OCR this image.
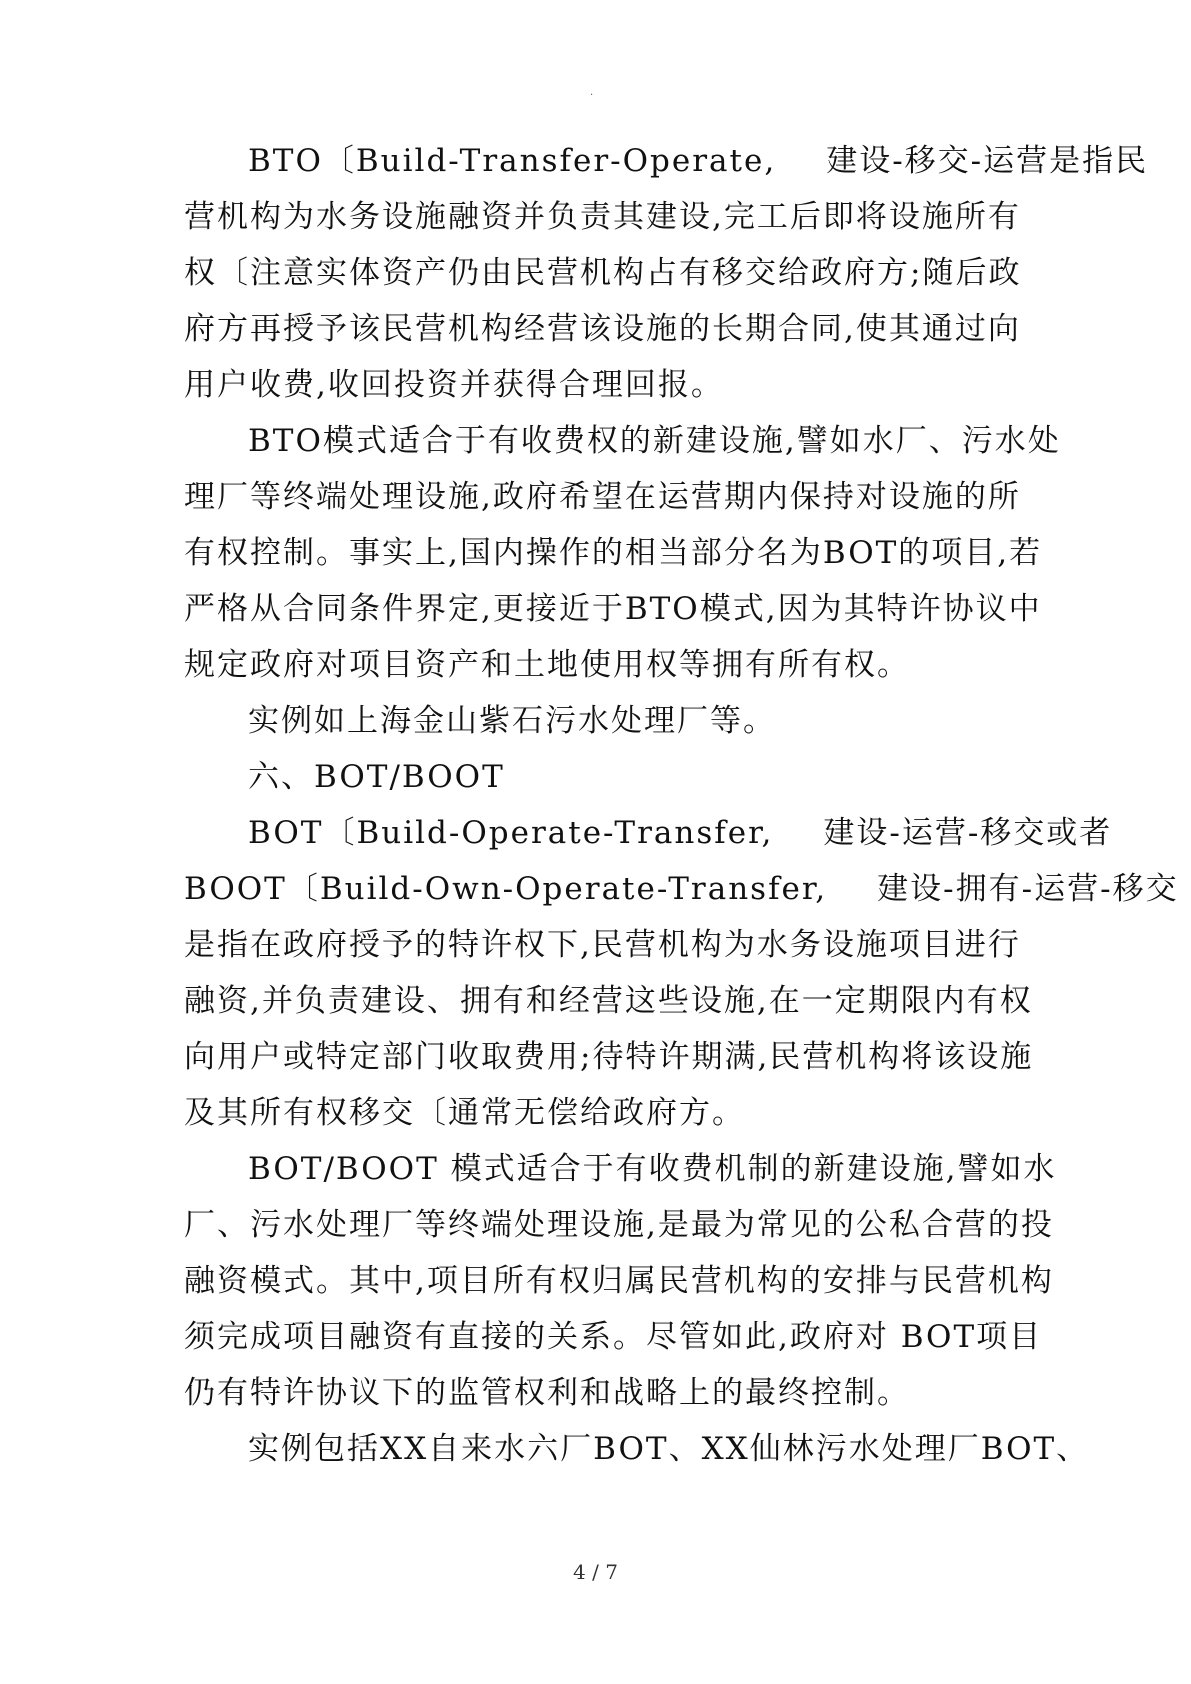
.
BTO〔Build-Transfer-Operate, 建设-移交-运营是指民
营机构为水务设施融资并负责其建设,完工后即将设施所有
权〔注意实体资产仍由民营机构占有移交给政府方;随后政
府方再授予该民营机构经营该设施的长期合同,使其通过向
用户收费,收回投资并获得合理回报。
BTO模式适合于有收费权的新建设施,譬如水厂、污水处
理厂等终端处理设施,政府希望在运营期内保持对设施的所
有权控制。事实上,国内操作的相当部分名为BOT的项目,若
严格从合同条件界定,更接近于BTO模式,因为其特许协议中
规定政府对项目资产和土地使用权等拥有所有权。
实例如上海金山紫石污水处理厂等。
六、BOT/BOOT
BOT〔Build-Operate-Transfer, 建设-运营-移交或者
BOOT〔Build-Own-Operate-Transfer, 建设-拥有-运营-移交
是指在政府授予的特许权下,民营机构为水务设施项目进行
融资,并负责建设、拥有和经营这些设施,在一定期限内有权
向用户或特定部门收取费用;待特许期满,民营机构将该设施
及其所有权移交〔通常无偿给政府方。
BOT/BOOT 模式适合于有收费机制的新建设施,譬如水
厂、污水处理厂等终端处理设施,是最为常见的公私合营的投
融资模式。其中,项目所有权归属民营机构的安排与民营机构
须完成项目融资有直接的关系。尽管如此,政府对 BOT项目
仍有特许协议下的监管权利和战略上的最终控制。
实例包括XX自来水六厂BOT、XX仙林污水处理厂BOT、
4 / 7
